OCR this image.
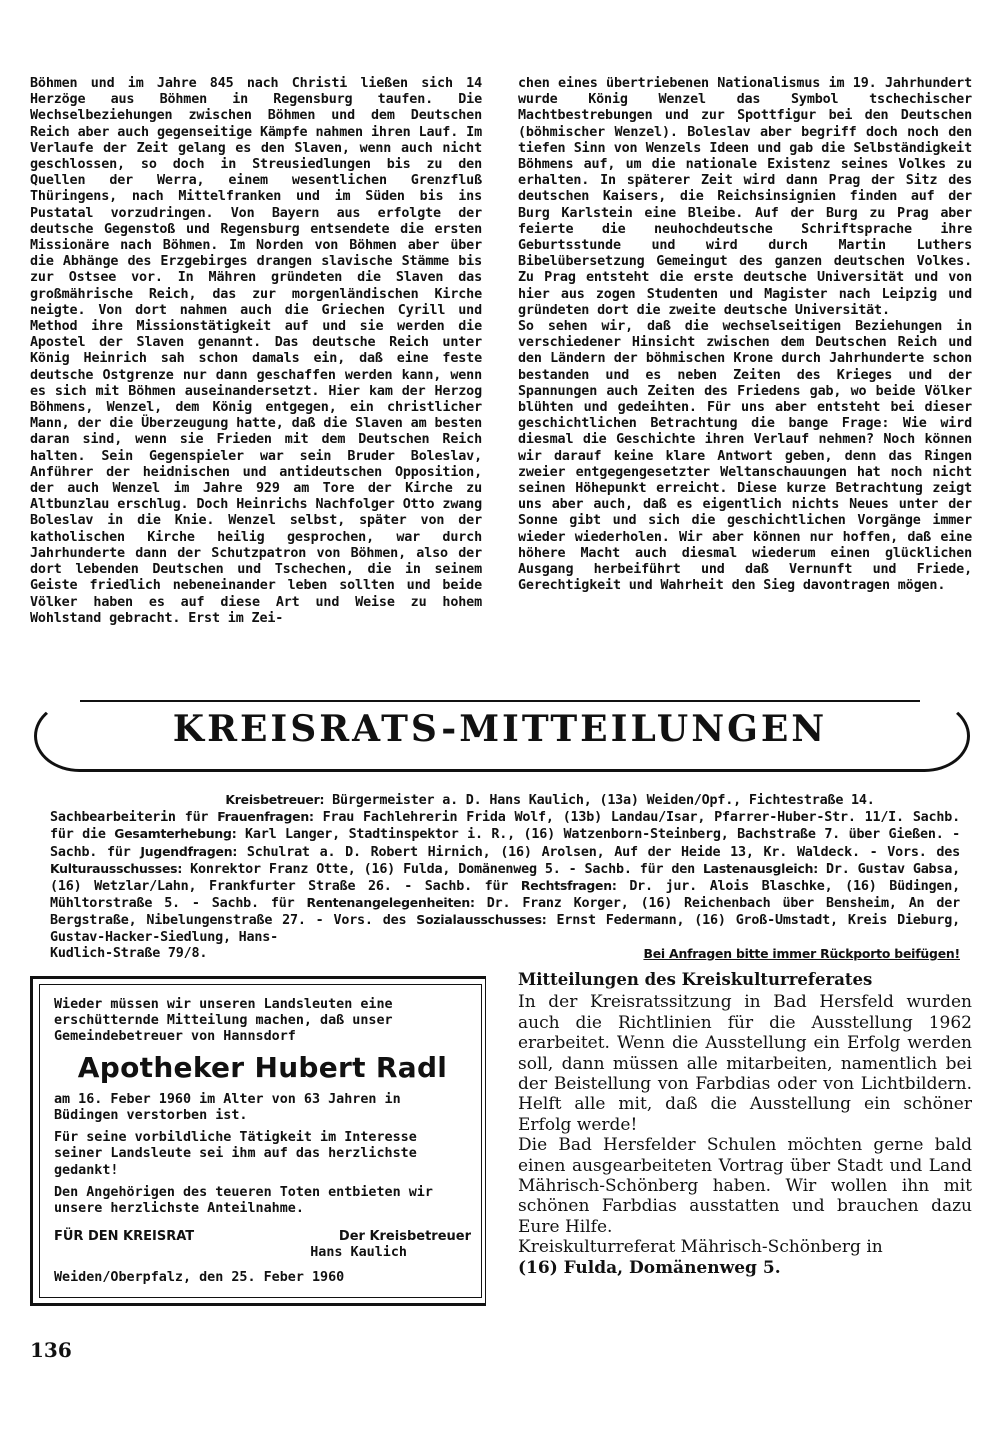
Böhmen und im Jahre 845 nach Christi ließen sich 14 Herzöge aus Böhmen in Regensburg taufen. Die Wechselbeziehungen zwischen Böhmen und dem Deutschen Reich aber auch gegenseitige Kämpfe nahmen ihren Lauf. Im Verlaufe der Zeit gelang es den Slaven, wenn auch nicht geschlossen, so doch in Streusiedlungen bis zu den Quellen der Werra, einem wesentlichen Grenzfluß Thüringens, nach Mittelfranken und im Süden bis ins Pustatal vorzudringen. Von Bayern aus erfolgte der deutsche Gegenstoß und Regensburg entsendete die ersten Missionäre nach Böhmen. Im Norden von Böhmen aber über die Abhänge des Erzgebirges drangen slavische Stämme bis zur Ostsee vor. In Mähren gründeten die Slaven das großmährische Reich, das zur morgenländischen Kirche neigte. Von dort nahmen auch die Griechen Cyrill und Method ihre Missionstätigkeit auf und sie werden die Apostel der Slaven genannt. Das deutsche Reich unter König Heinrich sah schon damals ein, daß eine feste deutsche Ostgrenze nur dann geschaffen werden kann, wenn es sich mit Böhmen auseinandersetzt. Hier kam der Herzog Böhmens, Wenzel, dem König entgegen, ein christlicher Mann, der die Überzeugung hatte, daß die Slaven am besten daran sind, wenn sie Frieden mit dem Deutschen Reich halten. Sein Gegenspieler war sein Bruder Boleslav, Anführer der heidnischen und antideutschen Opposition, der auch Wenzel im Jahre 929 am Tore der Kirche zu Altbunzlau erschlug. Doch Heinrichs Nachfolger Otto zwang Boleslav in die Knie. Wenzel selbst, später von der katholischen Kirche heilig gesprochen, war durch Jahrhunderte dann der Schutzpatron von Böhmen, also der dort lebenden Deutschen und Tschechen, die in seinem Geiste friedlich nebeneinander leben sollten und beide Völker haben es auf diese Art und Weise zu hohem Wohlstand gebracht. Erst im Zei-

chen eines übertriebenen Nationalismus im 19. Jahrhundert wurde König Wenzel das Symbol tschechischer Machtbestrebungen und zur Spottfigur bei den Deutschen (böhmischer Wenzel). Boleslav aber begriff doch noch den tiefen Sinn von Wenzels Ideen und gab die Selbständigkeit Böhmens auf, um die nationale Existenz seines Volkes zu erhalten. In späterer Zeit wird dann Prag der Sitz des deutschen Kaisers, die Reichsinsignien finden auf der Burg Karlstein eine Bleibe. Auf der Burg zu Prag aber feierte die neuhochdeutsche Schriftsprache ihre Geburtsstunde und wird durch Martin Luthers Bibelübersetzung Gemeingut des ganzen deutschen Volkes. Zu Prag entsteht die erste deutsche Universität und von hier aus zogen Studenten und Magister nach Leipzig und gründeten dort die zweite deutsche Universität.

So sehen wir, daß die wechselseitigen Beziehungen in verschiedener Hinsicht zwischen dem Deutschen Reich und den Ländern der böhmischen Krone durch Jahrhunderte schon bestanden und es neben Zeiten des Krieges und der Spannungen auch Zeiten des Friedens gab, wo beide Völker blühten und gedeihten. Für uns aber entsteht bei dieser geschichtlichen Betrachtung die bange Frage: Wie wird diesmal die Geschichte ihren Verlauf nehmen? Noch können wir darauf keine klare Antwort geben, denn das Ringen zweier entgegengesetzter Weltanschauungen hat noch nicht seinen Höhepunkt erreicht. Diese kurze Betrachtung zeigt uns aber auch, daß es eigentlich nichts Neues unter der Sonne gibt und sich die geschichtlichen Vorgänge immer wieder wiederholen. Wir aber können nur hoffen, daß eine höhere Macht auch diesmal wiederum einen glücklichen Ausgang herbeiführt und daß Vernunft und Friede, Gerechtigkeit und Wahrheit den Sieg davontragen mögen.

KREISRATS-MITTEILUNGEN
Kreisbetreuer: Bürgermeister a. D. Hans Kaulich, (13a) Weiden/Opf., Fichtestraße 14.
Sachbearbeiterin für Frauenfragen: Frau Fachlehrerin Frida Wolf, (13b) Landau/Isar, Pfarrer-Huber-Str. 11/I. Sachb. für die Gesamterhebung: Karl Langer, Stadtinspektor i. R., (16) Watzenborn-Steinberg, Bachstraße 7. über Gießen. - Sachb. für Jugendfragen: Schulrat a. D. Robert Hirnich, (16) Arolsen, Auf der Heide 13, Kr. Waldeck. - Vors. des Kulturausschusses: Konrektor Franz Otte, (16) Fulda, Domänenweg 5. - Sachb. für den Lastenausgleich: Dr. Gustav Gabsa, (16) Wetzlar/Lahn, Frankfurter Straße 26. - Sachb. für Rechtsfragen: Dr. jur. Alois Blaschke, (16) Büdingen, Mühltorstraße 5. - Sachb. für Rentenangelegenheiten: Dr. Franz Korger, (16) Reichenbach über Bensheim, An der Bergstraße, Nibelungenstraße 27. - Vors. des Sozialausschusses: Ernst Federmann, (16) Groß-Umstadt, Kreis Dieburg, Gustav-Hacker-Siedlung, Hans-
Kudlich-Straße 79/8.	Bei Anfragen bitte immer Rückporto beifügen!

Wieder müssen wir unseren Landsleuten eine erschütternde Mitteilung machen, daß unser Gemeindebetreuer von Hannsdorf

Apotheker Hubert Radl

am 16. Feber 1960 im Alter von 63 Jahren in Büdingen verstorben ist.

Für seine vorbildliche Tätigkeit im Interesse seiner Landsleute sei ihm auf das herzlichste gedankt!

Den Angehörigen des teueren Toten entbieten wir unsere herzlichste Anteilnahme.

FÜR DEN KREISRAT	Der Kreisbetreuer
Hans Kaulich

Weiden/Oberpfalz, den 25. Feber 1960

Mitteilungen des Kreiskulturreferates

In der Kreisratssitzung in Bad Hersfeld wurden auch die Richtlinien für die Ausstellung 1962 erarbeitet. Wenn die Ausstellung ein Erfolg werden soll, dann müssen alle mitarbeiten, namentlich bei der Beistellung von Farbdias oder von Lichtbildern. Helft alle mit, daß die Ausstellung ein schöner Erfolg werde!

Die Bad Hersfelder Schulen möchten gerne bald einen ausgearbeiteten Vortrag über Stadt und Land Mährisch-Schönberg haben. Wir wollen ihn mit schönen Farbdias ausstatten und brauchen dazu Eure Hilfe.

Kreiskulturreferat Mährisch-Schönberg in

(16) Fulda, Domänenweg 5.

136
